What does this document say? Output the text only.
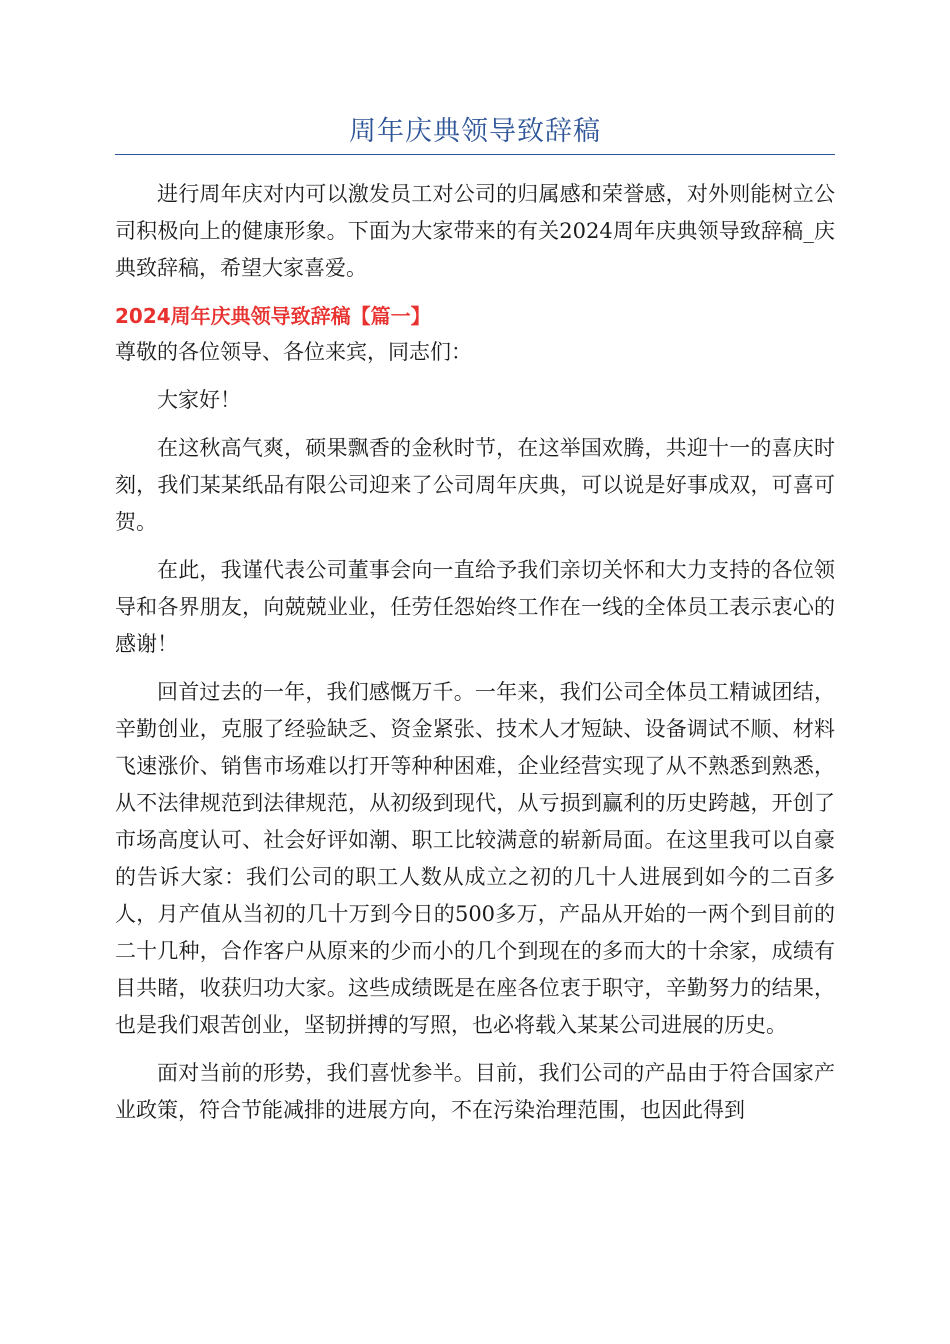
周年庆典领导致辞稿

进行周年庆对内可以激发员工对公司的归属感和荣誉感，对外则能树立公司积极向上的健康形象。下面为大家带来的有关2024周年庆典领导致辞稿_庆典致辞稿，希望大家喜爱。

2024周年庆典领导致辞稿【篇一】

尊敬的各位领导、各位来宾，同志们：

大家好！

在这秋高气爽，硕果飘香的金秋时节，在这举国欢腾，共迎十一的喜庆时刻，我们某某纸品有限公司迎来了公司周年庆典，可以说是好事成双，可喜可贺。

在此，我谨代表公司董事会向一直给予我们亲切关怀和大力支持的各位领导和各界朋友，向兢兢业业，任劳任怨始终工作在一线的全体员工表示衷心的感谢！

回首过去的一年，我们感慨万千。一年来，我们公司全体员工精诚团结，辛勤创业，克服了经验缺乏、资金紧张、技术人才短缺、设备调试不顺、材料飞速涨价、销售市场难以打开等种种困难，企业经营实现了从不熟悉到熟悉，从不法律规范到法律规范，从初级到现代，从亏损到赢利的历史跨越，开创了市场高度认可、社会好评如潮、职工比较满意的崭新局面。在这里我可以自豪的告诉大家：我们公司的职工人数从成立之初的几十人进展到如今的二百多人，月产值从当初的几十万到今日的500多万，产品从开始的一两个到目前的二十几种，合作客户从原来的少而小的几个到现在的多而大的十余家，成绩有目共睹，收获归功大家。这些成绩既是在座各位衷于职守，辛勤努力的结果，也是我们艰苦创业，坚韧拼搏的写照，也必将载入某某公司进展的历史。

面对当前的形势，我们喜忧参半。目前，我们公司的产品由于符合国家产业政策，符合节能减排的进展方向，不在污染治理范围，也因此得到
